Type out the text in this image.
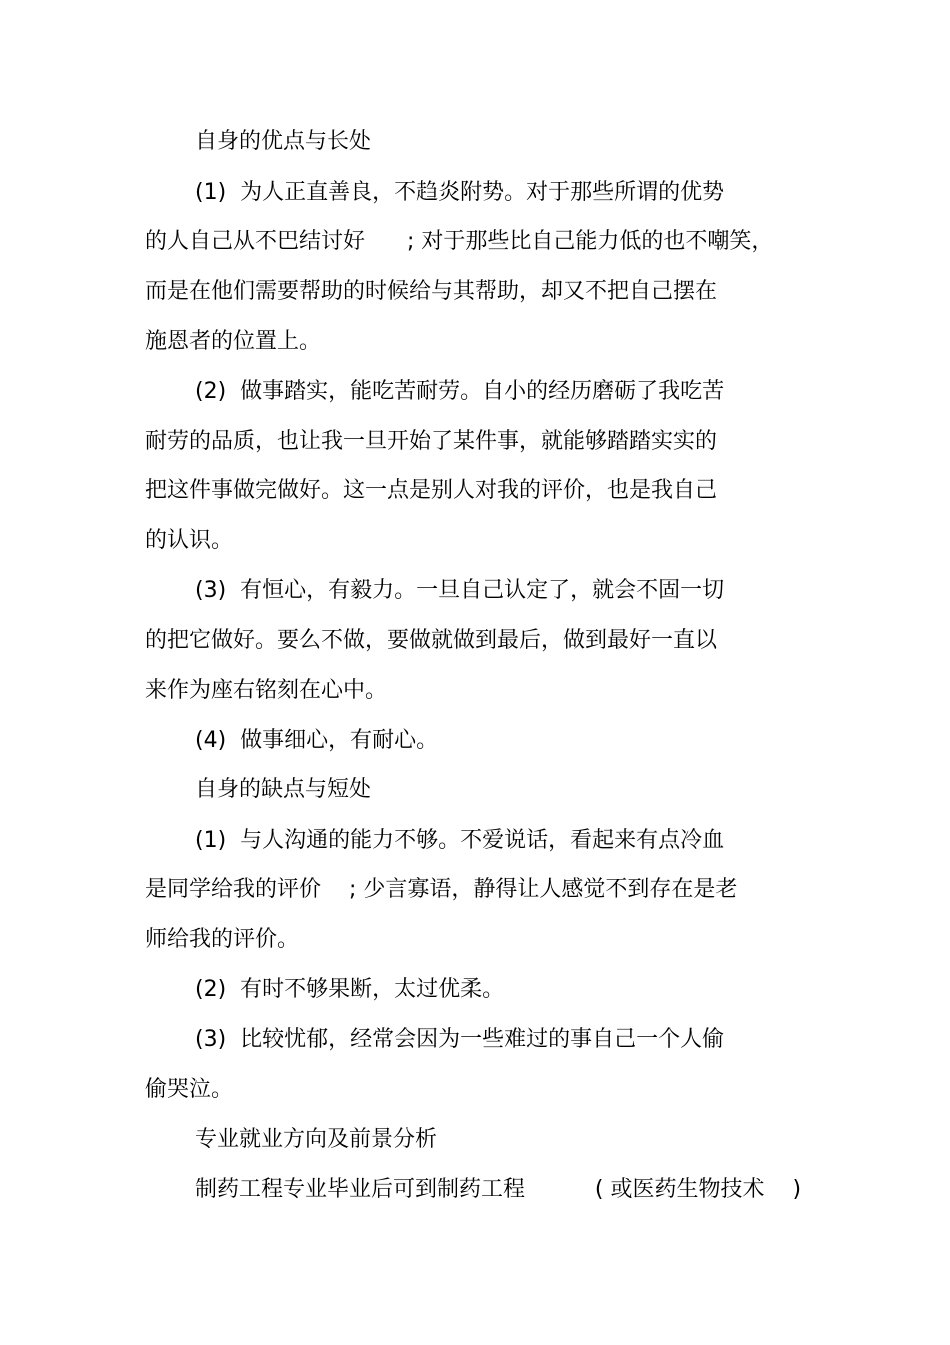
自身的优点与长处
(1)  为人正直善良，不趋炎附势。对于那些所谓的优势
的人自己从不巴结讨好      ; 对于那些比自己能力低的也不嘲笑，
而是在他们需要帮助的时候给与其帮助，却又不把自己摆在
施恩者的位置上。
(2)  做事踏实，能吃苦耐劳。自小的经历磨砺了我吃苦
耐劳的品质，也让我一旦开始了某件事，就能够踏踏实实的
把这件事做完做好。这一点是别人对我的评价，也是我自己
的认识。
(3)  有恒心，有毅力。一旦自己认定了，就会不固一切
的把它做好。要么不做，要做就做到最后，做到最好一直以
来作为座右铭刻在心中。
(4)  做事细心，有耐心。
自身的缺点与短处
(1)  与人沟通的能力不够。不爱说话，看起来有点冷血
是同学给我的评价    ; 少言寡语，静得让人感觉不到存在是老
师给我的评价。
(2)  有时不够果断，太过优柔。
(3)  比较忧郁，经常会因为一些难过的事自己一个人偷
偷哭泣。
专业就业方向及前景分析
制药工程专业毕业后可到制药工程          ( 或医药生物技术    )
